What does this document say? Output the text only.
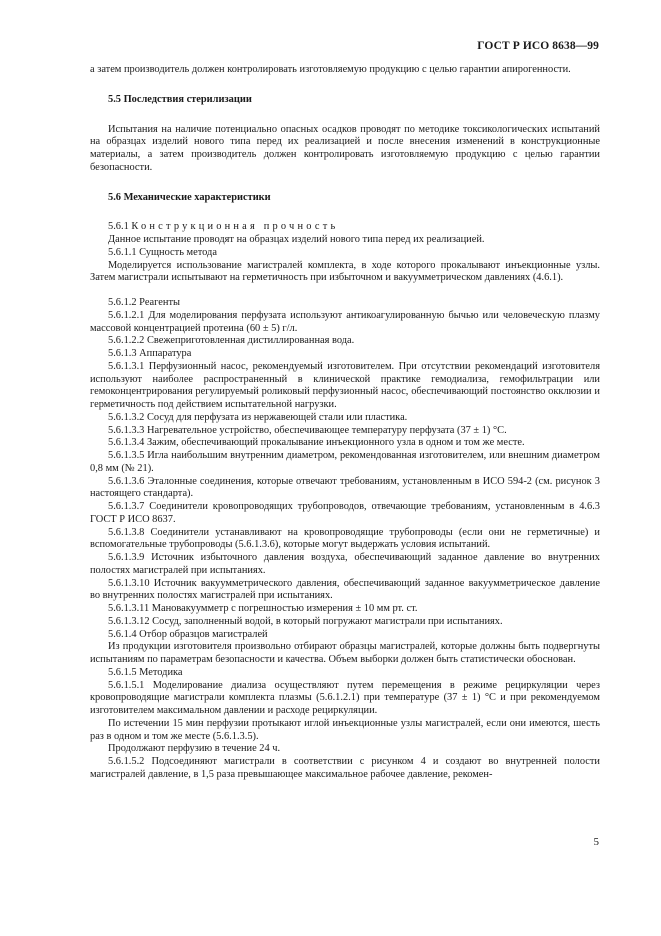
ГОСТ Р ИСО 8638—99

а затем производитель должен контролировать изготовляемую продукцию с целью гарантии апирогенности.

5.5 Последствия стерилизации

Испытания на наличие потенциально опасных осадков проводят по методике токсикологических испытаний на образцах изделий нового типа перед их реализацией и после внесения изменений в конструкционные материалы, а затем производитель должен контролировать изготовляемую продукцию с целью гарантии безопасности.

5.6 Механические характеристики

5.6.1 Конструкционная прочность

Данное испытание проводят на образцах изделий нового типа перед их реализацией.

5.6.1.1 Сущность метода

Моделируется использование магистралей комплекта, в ходе которого прокалывают инъекционные узлы. Затем магистрали испытывают на герметичность при избыточном и вакуумметрическом давлениях (4.6.1).

5.6.1.2 Реагенты

5.6.1.2.1 Для моделирования перфузата используют антикоагулированную бычью или человеческую плазму массовой концентрацией протеина (60 ± 5) г/л.

5.6.1.2.2 Свежеприготовленная дистиллированная вода.

5.6.1.3 Аппаратура

5.6.1.3.1 Перфузионный насос, рекомендуемый изготовителем. При отсутствии рекомендаций изготовителя используют наиболее распространенный в клинической практике гемодиализа, гемофильтрации или гемоконцентрирования регулируемый роликовый перфузионный насос, обеспечивающий постоянство окклюзии и герметичность под действием испытательной нагрузки.

5.6.1.3.2 Сосуд для перфузата из нержавеющей стали или пластика.

5.6.1.3.3 Нагревательное устройство, обеспечивающее температуру перфузата (37 ± 1) °С.

5.6.1.3.4 Зажим, обеспечивающий прокалывание инъекционного узла в одном и том же месте.

5.6.1.3.5 Игла наибольшим внутренним диаметром, рекомендованная изготовителем, или внешним диаметром 0,8 мм (№ 21).

5.6.1.3.6 Эталонные соединения, которые отвечают требованиям, установленным в ИСО 594-2 (см. рисунок 3 настоящего стандарта).

5.6.1.3.7 Соединители кровопроводящих трубопроводов, отвечающие требованиям, установленным в 4.6.3 ГОСТ Р ИСО 8637.

5.6.1.3.8 Соединители устанавливают на кровопроводящие трубопроводы (если они не герметичные) и вспомогательные трубопроводы (5.6.1.3.6), которые могут выдержать условия испытаний.

5.6.1.3.9 Источник избыточного давления воздуха, обеспечивающий заданное давление во внутренних полостях магистралей при испытаниях.

5.6.1.3.10 Источник вакуумметрического давления, обеспечивающий заданное вакуумметрическое давление во внутренних полостях магистралей при испытаниях.

5.6.1.3.11 Мановакуумметр с погрешностью измерения ± 10 мм рт. ст.

5.6.1.3.12 Сосуд, заполненный водой, в который погружают магистрали при испытаниях.

5.6.1.4 Отбор образцов магистралей

Из продукции изготовителя произвольно отбирают образцы магистралей, которые должны быть подвергнуты испытаниям по параметрам безопасности и качества. Объем выборки должен быть статистически обоснован.

5.6.1.5 Методика

5.6.1.5.1 Моделирование диализа осуществляют путем перемещения в режиме рециркуляции через кровопроводящие магистрали комплекта плазмы (5.6.1.2.1) при температуре (37 ± 1) °С и при рекомендуемом изготовителем максимальном давлении и расходе рециркуляции.

По истечении 15 мин перфузии протыкают иглой инъекционные узлы магистралей, если они имеются, шесть раз в одном и том же месте (5.6.1.3.5).

Продолжают перфузию в течение 24 ч.

5.6.1.5.2 Подсоединяют магистрали в соответствии с рисунком 4 и создают во внутренней полости магистралей давление, в 1,5 раза превышающее максимальное рабочее давление, рекомен-

5
